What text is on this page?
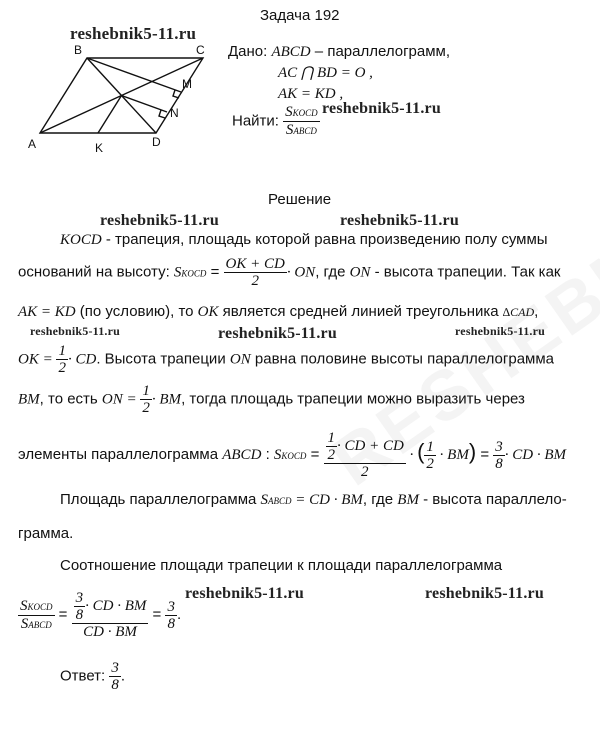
Задача 192
B	C
M
N
A	K	D
reshebnik5-11.ru
Дано: ABCD – параллелограмм,
AC ⋂ BD = O ,
AK = KD ,
Найти: $\frac{\text{SKOCD}}{\text{SABCD}}$ reshebnik5-11.ru
Решение
reshebnik5-11.ru	reshebnik5-11.ru
KOCD - трапеция, площадь которой равна произведению полу суммы
оснований на высоту: SKOCD = $\frac{OK + CD}{2}$ · ON, где ON - высота трапеции. Так как
AK = KD (по условию), то OK является средней линией треугольника ∆CAD,
reshebnik5-11.ru	reshebnik5-11.ru	reshebnik5-11.ru
OK = $\frac{1}{2}$ · CD. Высота трапеции ON равна половине высоты параллелограмма
BM, то есть ON = $\frac{1}{2}$ · BM, тогда площадь трапеции можно выразить через
элементы параллелограмма ABCD : SKOCD = $\frac{\frac{1}{2} \cdot CD + CD}{2}$ · ( $\frac{1}{2} \cdot BM) = \frac{3}{8}$ · CD · BM
Площадь параллелограмма SABCD = CD · BM, где BM - высота параллело-
грамма.
Соотношение площади трапеции к площади параллелограмма
$\frac{\text{SKOCD}}{\text{SABCD}} = \frac{\frac{3}{8} \cdot CD \cdot BM}{CD \cdot BM} = \frac{3}{8}$ .
reshebnik5-11.ru	reshebnik5-11.ru
Ответ: $\frac{3}{8}$ .
